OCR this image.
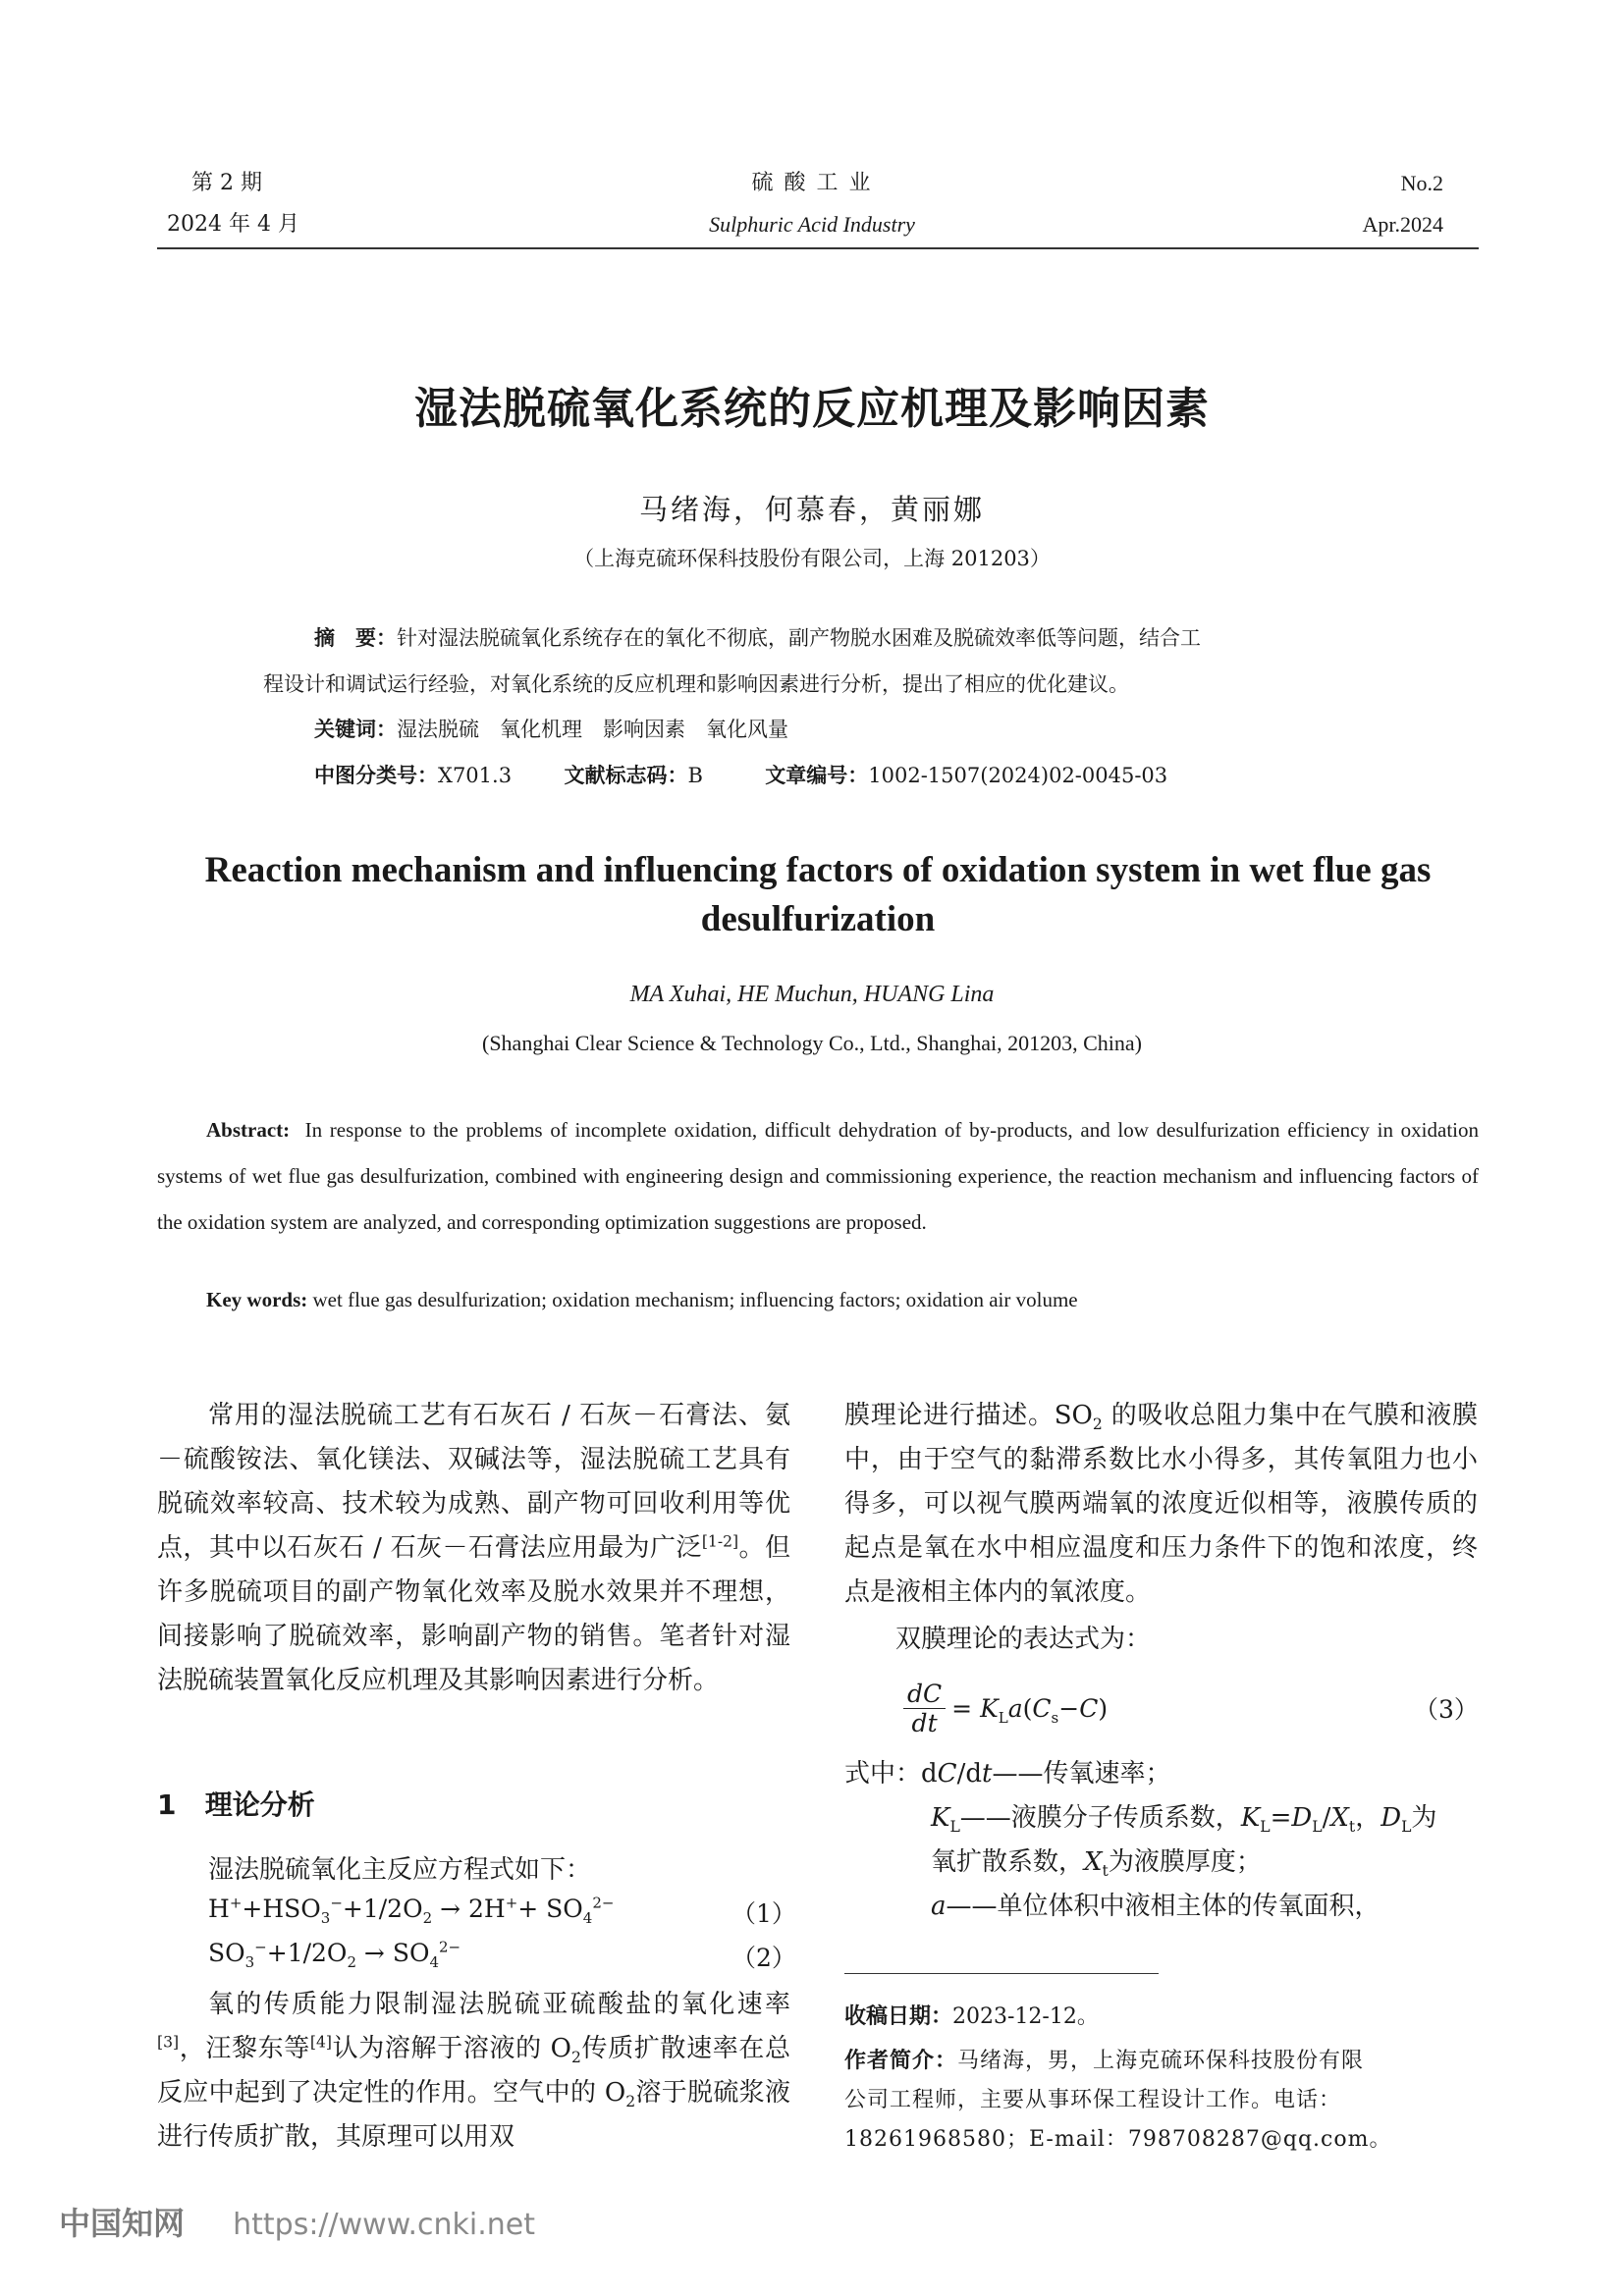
第 2 期
2024 年 4 月
硫 酸 工 业
Sulphuric Acid Industry
No.2
Apr.2024
湿法脱硫氧化系统的反应机理及影响因素
马绪海，何慕春，黄丽娜
（上海克硫环保科技股份有限公司，上海 201203）
摘　要：针对湿法脱硫氧化系统存在的氧化不彻底，副产物脱水困难及脱硫效率低等问题，结合工
程设计和调试运行经验，对氧化系统的反应机理和影响因素进行分析，提出了相应的优化建议。
关键词：湿法脱硫　氧化机理　影响因素　氧化风量
中图分类号：X701.3	文献标志码：B	文章编号：1002-1507(2024)02-0045-03
Reaction mechanism and influencing factors of oxidation system in wet flue gas desulfurization
MA Xuhai, HE Muchun, HUANG Lina
(Shanghai Clear Science & Technology Co., Ltd., Shanghai, 201203, China)
Abstract: In response to the problems of incomplete oxidation, difficult dehydration of by-products, and low desulfurization efficiency in oxidation systems of wet flue gas desulfurization, combined with engineering design and commissioning experience, the reaction mechanism and influencing factors of the oxidation system are analyzed, and corresponding optimization suggestions are proposed.
Key words: wet flue gas desulfurization; oxidation mechanism; influencing factors; oxidation air volume
常用的湿法脱硫工艺有石灰石 / 石灰－石膏法、氨－硫酸铵法、氧化镁法、双碱法等，湿法脱硫工艺具有脱硫效率较高、技术较为成熟、副产物可回收利用等优点，其中以石灰石 / 石灰－石膏法应用最为广泛[1-2]。但许多脱硫项目的副产物氧化效率及脱水效果并不理想，间接影响了脱硫效率，影响副产物的销售。笔者针对湿法脱硫装置氧化反应机理及其影响因素进行分析。
1 理论分析
湿法脱硫氧化主反应方程式如下：
$H^++HSO_3^-+1/2O_2 \to 2H^++ SO_4^{2-}$	（1）
$SO_3^-+1/2O_2 \to SO_4^{2-}$	（2）
氧的传质能力限制湿法脱硫亚硫酸盐的氧化速率[3]，汪黎东等[4]认为溶解于溶液的 $O_2$传质扩散速率在总反应中起到了决定性的作用。空气中的 $O_2$溶于脱硫浆液进行传质扩散，其原理可以用双
膜理论进行描述。$SO_2$ 的吸收总阻力集中在气膜和液膜中，由于空气的黏滞系数比水小得多，其传氧阻力也小得多，可以视气膜两端氧的浓度近似相等，液膜传质的起点是氧在水中相应温度和压力条件下的饱和浓度，终点是液相主体内的氧浓度。
双膜理论的表达式为：
$\frac{dC}{dt} = K_La(C_s-C)$	（3）
式中：dC/dt——传氧速率；
$K_L——$液膜分子传质系数，$K_L=D_L/X_t$，$D_L$为
氧扩散系数，$X_t$为液膜厚度；
a——单位体积中液相主体的传氧面积，
收稿日期：2023-12-12。
作者简介：马绪海，男，上海克硫环保科技股份有限
公司工程师，主要从事环保工程设计工作。电话：
18261968580；E-mail：798708287@qq.com。
中国知网 https://www.cnki.net
